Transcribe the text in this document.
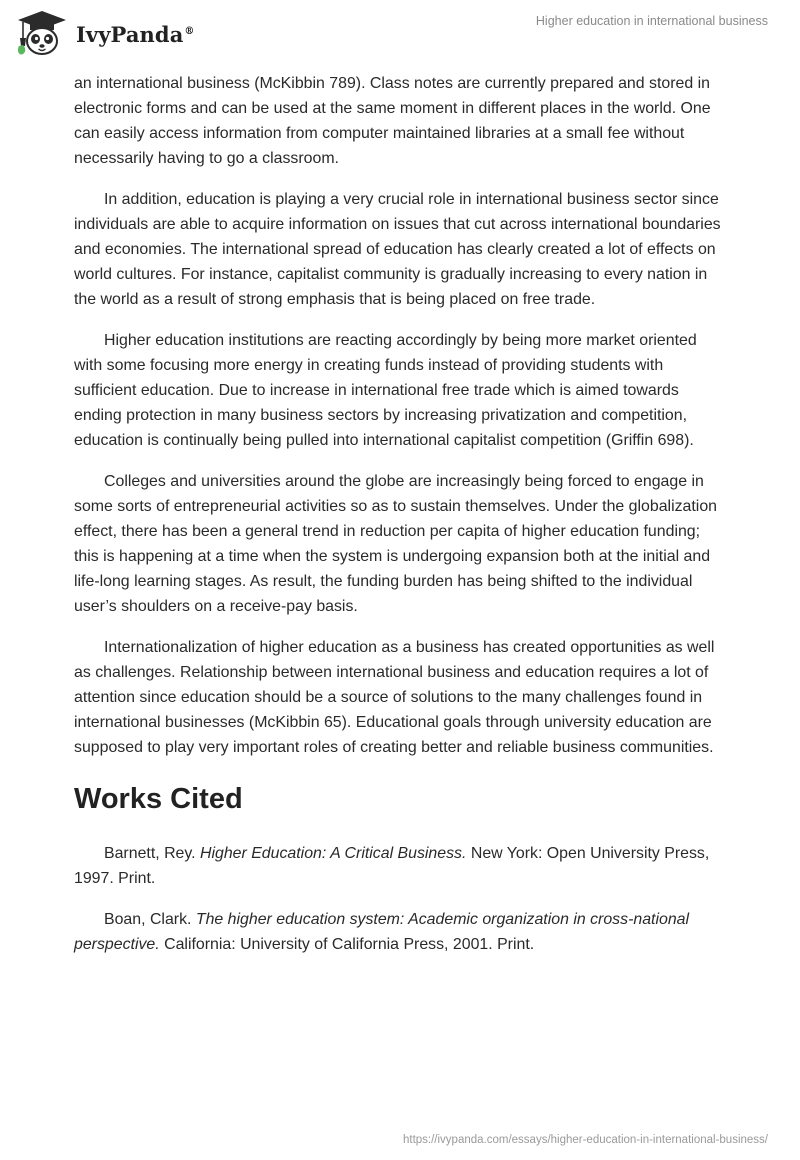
IvyPanda®
Higher education in international business

an international business (McKibbin 789). Class notes are currently prepared and stored in electronic forms and can be used at the same moment in different places in the world. One can easily access information from computer maintained libraries at a small fee without necessarily having to go a classroom.

In addition, education is playing a very crucial role in international business sector since individuals are able to acquire information on issues that cut across international boundaries and economies. The international spread of education has clearly created a lot of effects on world cultures. For instance, capitalist community is gradually increasing to every nation in the world as a result of strong emphasis that is being placed on free trade.

Higher education institutions are reacting accordingly by being more market oriented with some focusing more energy in creating funds instead of providing students with sufficient education. Due to increase in international free trade which is aimed towards ending protection in many business sectors by increasing privatization and competition, education is continually being pulled into international capitalist competition (Griffin 698).

Colleges and universities around the globe are increasingly being forced to engage in some sorts of entrepreneurial activities so as to sustain themselves. Under the globalization effect, there has been a general trend in reduction per capita of higher education funding; this is happening at a time when the system is undergoing expansion both at the initial and life-long learning stages. As result, the funding burden has being shifted to the individual user’s shoulders on a receive-pay basis.

Internationalization of higher education as a business has created opportunities as well as challenges. Relationship between international business and education requires a lot of attention since education should be a source of solutions to the many challenges found in international businesses (McKibbin 65). Educational goals through university education are supposed to play very important roles of creating better and reliable business communities.

Works Cited

Barnett, Rey. Higher Education: A Critical Business. New York: Open University Press, 1997. Print.

Boan, Clark. The higher education system: Academic organization in cross-national perspective. California: University of California Press, 2001. Print.

https://ivypanda.com/essays/higher-education-in-international-business/
